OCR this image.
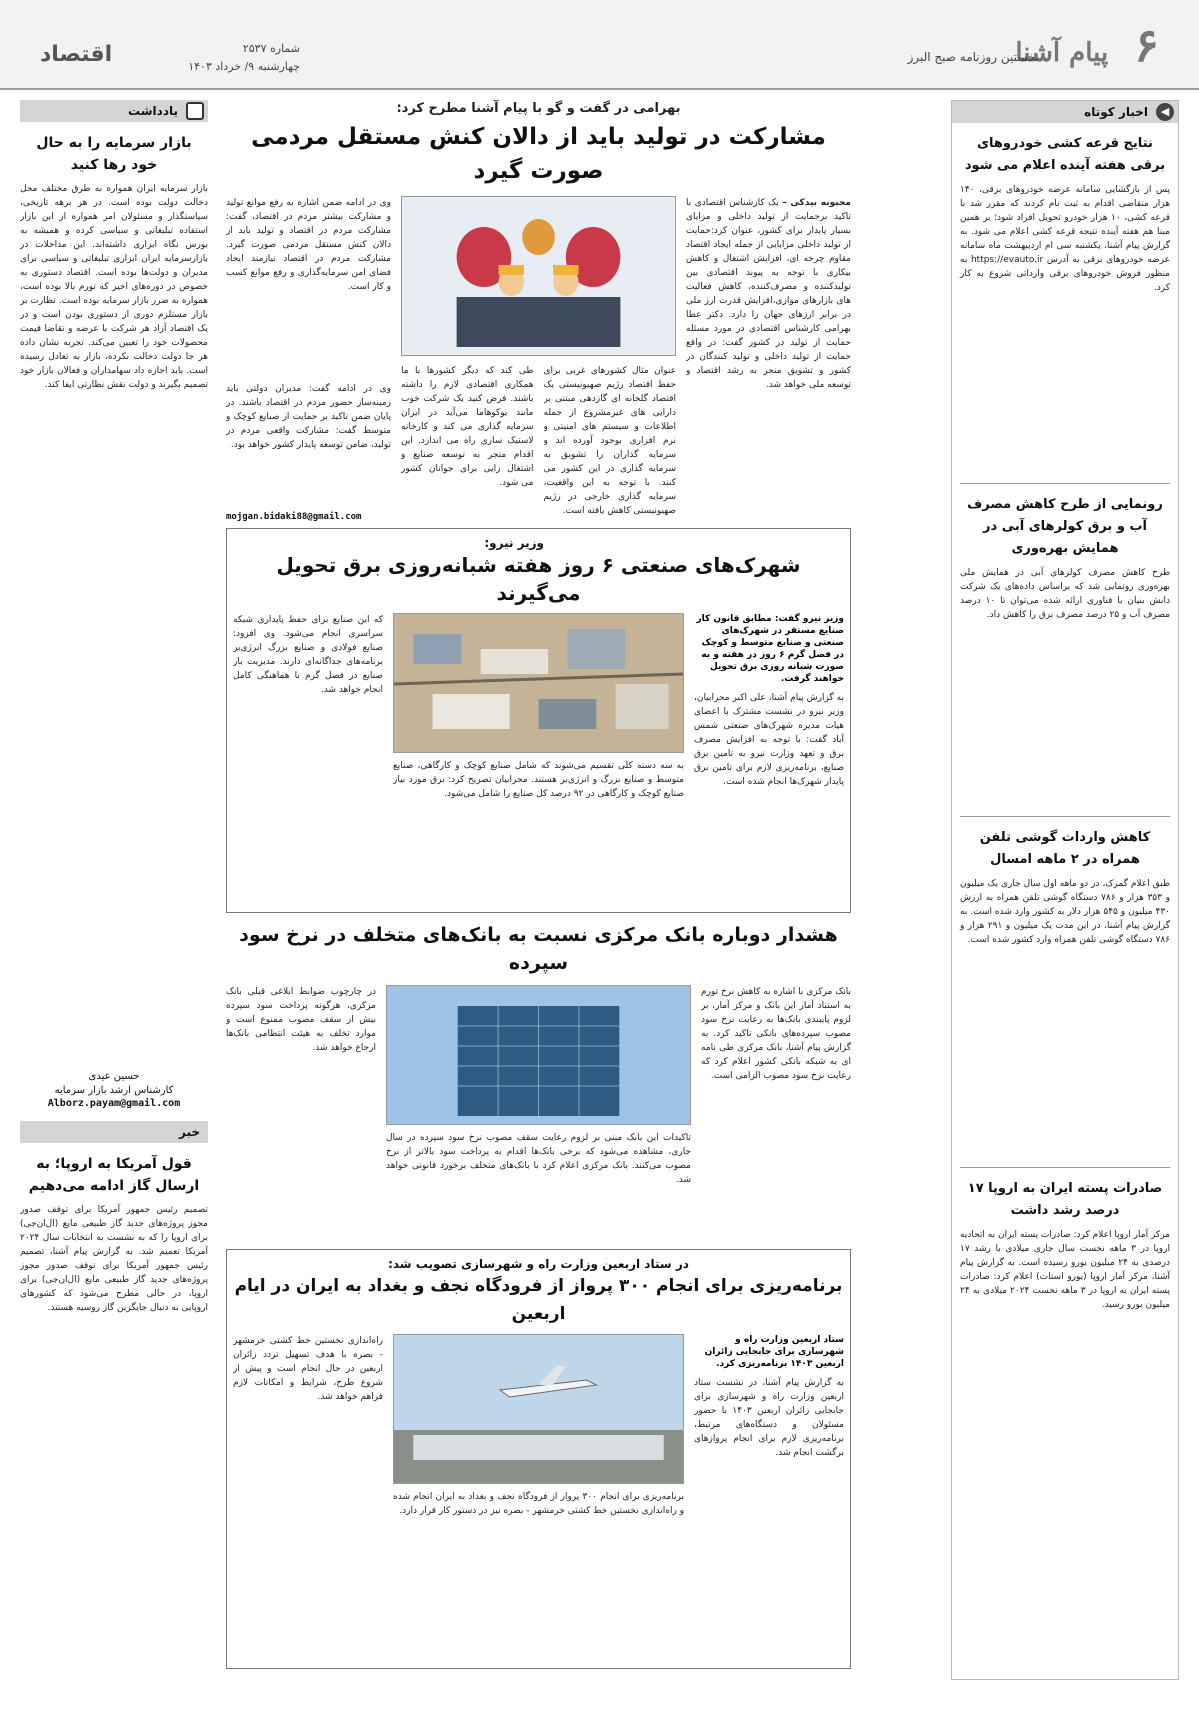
۶ پیام آشنا
نخستین روزنامه صبح البرز
شماره ۲۵۳۷
چهارشنبه ۹/ خرداد ۱۴۰۳
اقتصاد
◀
اخبار کوتاه
نتایج قرعه کشی خودروهای برقی هفته آینده اعلام می شود
پس از بازگشایی سامانه عرضه خودروهای برقی، ۱۴۰ هزار متقاضی اقدام به ثبت نام کردند که مقرر شد با قرعه کشی، ۱۰ هزار خودرو تحویل افراد شود؛ بر همین مبنا هم هفته آینده نتیجه قرعه کشی اعلام می شود. به گزارش پیام آشنا، یکشنبه سی ام اردیبهشت ماه سامانه عرضه خودروهای برقی به آدرس https://evauto.ir به منظور فروش خودروهای برقی وارداتی شروع به کار کرد.
رونمایی از طرح کاهش مصرف آب و برق کولرهای آبی در همایش بهره‌وری
طرح کاهش مصرف کولرهای آبی در همایش ملی بهره‌وری رونمایی شد که براساس داده‌های یک شرکت دانش بنیان با فناوری ارائه شده می‌توان تا ۱۰ درصد مصرف آب و ۲۵ درصد مصرف برق را کاهش داد.
کاهش واردات گوشی تلفن همراه در ۲ ماهه امسال
طبق اعلام گمرک، در دو ماهه اول سال جاری یک میلیون و ۳۵۳ هزار و ۷۸۶ دستگاه گوشی تلفن همراه به ارزش ۴۳۰ میلیون و ۵۴۵ هزار دلار به کشور وارد شده است. به گزارش پیام آشنا، در این مدت یک میلیون و ۲۹۱ هزار و ۷۸۶ دستگاه گوشی تلفن همراه وارد کشور شده است.
صادرات پسته ایران به اروپا ۱۷ درصد رشد داشت
مرکز آمار اروپا اعلام کرد: صادرات پسته ایران به اتحادیه اروپا در ۳ ماهه نخست سال جاری میلادی با رشد ۱۷ درصدی به ۲۴ میلیون یورو رسیده است. به گزارش پیام آشنا، مرکز آمار اروپا (یورو استات) اعلام کرد: صادرات پسته ایران به اروپا در ۳ ماهه نخست ۲۰۲۴ میلادی به ۲۴ میلیون یورو رسید.
یادداشت
بازار سرمایه را به حال خود رها کنید
بازار سرمایه ایران همواره به طرق مختلف محل دخالت دولت بوده است. در هر برهه تاریخی، سیاستگذار و مسئولان امر همواره از این بازار استفاده تبلیغاتی و سیاسی کرده و همیشه به بورس نگاه ابزاری داشته‌اند. این مداخلات در بازارسرمایه ایران ابزاری تبلیغاتی و سیاسی برای مدیران و دولت‌ها بوده است. اقتصاد دستوری به خصوص در دوره‌های اخیر که تورم بالا بوده است، همواره به ضرر بازار سرمایه بوده است. نظارت بر بازار مستلزم دوری از دستوری بودن است و در یک اقتصاد آزاد هر شرکت با عرضه و تقاضا قیمت محصولات خود را تعیین می‌کند. تجربه نشان داده هر جا دولت دخالت نکرده، بازار به تعادل رسیده است. باید اجازه داد سهامداران و فعالان بازار خود تصمیم بگیرند و دولت نقش نظارتی ایفا کند.
حسین عیدی
کارشناس ارشد بازار سرمایه
Alborz.payam@gmail.com
خبر
قول آمریکا به اروپا؛ به ارسال گاز ادامه می‌دهیم
تصمیم رئیس جمهور آمریکا برای توقف صدور مجوز پروژه‌های جدید گاز طبیعی مایع (ال‌ان‌جی) برای اروپا را که به نشست به انتخابات سال ۲۰۲۴ آمریکا تعمیم شد. به گزارش پیام آشنا، تصمیم رئیس جمهور آمریکا برای توقف صدور مجوز پروژه‌های جدید گاز طبیعی مایع (ال‌ان‌جی) برای اروپا، در حالی مطرح می‌شود که کشورهای اروپایی به دنبال جایگزین گاز روسیه هستند.
بهرامی در گفت و گو با پیام آشنا مطرح کرد:
مشارکت در تولید باید از دالان کنش مستقل مردمی صورت گیرد
محبوبه بیدکی – یک کارشناس اقتصادی با تاکید برحمایت از تولید داخلی و مزایای بسیار پایدار برای کشور، عنوان کرد:حمایت از تولید داخلی مزایایی از جمله ایجاد اقتصاد مقاوم چرخه ای، افزایش اشتغال و کاهش بیکاری با توجه به پیوند اقتصادی بین تولیدکننده و مصرف‌کننده، کاهش فعالیت های بازارهای موازی،افزایش قدرت ارز ملی در برابر ارزهای جهان را دارد. دکتر عطا بهرامی کارشناس اقتصادی در مورد مسئله حمایت از تولید در کشور گفت: در واقع حمایت از تولید داخلی و تولید کنندگان در کشور و تشویق منجر به رشد اقتصاد و توسعه ملی خواهد شد.
عنوان مثال کشورهای غربی برای حفظ اقتصاد رژیم صهیونیستی یک اقتصاد گلخانه ای گازدهی مبتنی بر دارایی های غیرمشروع از جمله اطلاعات و سیستم های امنیتی و نرم افزاری بوجود آورده اند و سرمایه گذاران را تشویق به سرمایه گذاری در این کشور می کنند. با توجه به این واقعیت، سرمایه گذاری خارجی در رژیم صهیونیستی کاهش یافته است.
طی کند که دیگر کشورها با ما همکاری اقتصادی لازم را داشته باشند. فرض کنید یک شرکت خوب مانند یوکوهاما می‌آید در ایران سرمایه گذاری می کند و کارخانه لاستیک سازی راه می اندازد. این اقدام منجر به توسعه صنایع و اشتغال زایی برای جوانان کشور می شود.
وی در ادامه ضمن اشاره به رفع موانع تولید و مشارکت بیشتر مردم در اقتصاد، گفت: مشارکت مردم در اقتصاد و تولید باید از دالان کنش مستقل مردمی صورت گیرد. مشارکت مردم در اقتصاد نیازمند ایجاد فضای امن سرمایه‌گذاری و رفع موانع کسب و کار است.
وی در ادامه گفت: مدیران دولتی باید زمینه‌ساز حضور مردم در اقتصاد باشند. در پایان ضمن تاکید بر حمایت از صنایع کوچک و متوسط گفت: مشارکت واقعی مردم در تولید، ضامن توسعه پایدار کشور خواهد بود.
mojgan.bidaki88@gmail.com
وزیر نیرو:
شهرک‌های صنعتی ۶ روز هفته شبانه‌روزی برق تحویل می‌گیرند
وزیر نیرو گفت: مطابق قانون کار صنایع مستقر در شهرک‌های صنعتی و صنایع متوسط و کوچک در فصل گرم ۶ روز در هفته و به صورت شبانه روزی برق تحویل خواهند گرفت.
به گزارش پیام آشنا، علی اکبر محرابیان، وزیر نیرو در نشست مشترک با اعضای هیات مدیره شهرک‌های صنعتی شمس آباد گفت: با توجه به افزایش مصرف برق و تعهد وزارت نیرو به تامین برق صنایع، برنامه‌ریزی لازم برای تامین برق پایدار شهرک‌ها انجام شده است.
به سه دسته کلی تقسیم می‌شوند که شامل صنایع کوچک و کارگاهی، صنایع متوسط و صنایع بزرگ و انرژی‌بر هستند. محرابیان تصریح کرد: برق مورد نیاز صنایع کوچک و کارگاهی در ۹۲ درصد کل صنایع را شامل می‌شود.
که این صنایع برای حفظ پایداری شبکه سراسری انجام می‌شود. وی افزود: صنایع فولادی و صنایع بزرگ انرژی‌بر برنامه‌های جداگانه‌ای دارند. مدیریت بار صنایع در فصل گرم با هماهنگی کامل انجام خواهد شد.
هشدار دوباره بانک مرکزی نسبت به بانک‌های متخلف در نرخ سود سپرده
بانک مرکزی با اشاره به کاهش نرخ تورم به استناد آمار این بانک و مرکز آمار، بر لزوم پایبندی بانک‌ها به رعایت نرخ سود مصوب سپرده‌های بانکی تاکید کرد. به گزارش پیام آشنا، بانک مرکزی طی نامه ای به شبکه بانکی کشور اعلام کرد که رعایت نرخ سود مصوب الزامی است.
تاکیدات این بانک مبنی بر لزوم رعایت سقف مصوب نرخ سود سپرده در سال جاری، مشاهده می‌شود که برخی بانک‌ها اقدام به پرداخت سود بالاتر از نرخ مصوب می‌کنند. بانک مرکزی اعلام کرد با بانک‌های متخلف برخورد قانونی خواهد شد.
در چارچوب ضوابط ابلاغی قبلی بانک مرکزی، هرگونه پرداخت سود سپرده بیش از سقف مصوب ممنوع است و موارد تخلف به هیئت انتظامی بانک‌ها ارجاع خواهد شد.
در ستاد اربعین وزارت راه و شهرسازی تصویب شد:
برنامه‌ریزی برای انجام ۳۰۰ پرواز از فرودگاه نجف و بغداد به ایران در ایام اربعین
ستاد اربعین وزارت راه و شهرسازی برای جابجایی زائران اربعین ۱۴۰۳ برنامه‌ریزی کرد.
به گزارش پیام آشنا، در نشست ستاد اربعین وزارت راه و شهرسازی برای جابجایی زائران اربعین ۱۴۰۳ با حضور مسئولان و دستگاه‌های مرتبط، برنامه‌ریزی لازم برای انجام پروازهای برگشت انجام شد.
برنامه‌ریزی برای انجام ۳۰۰ پرواز از فرودگاه نجف و بغداد به ایران انجام شده و راه‌اندازی نخستین خط کشتی خرمشهر - بصره نیز در دستور کار قرار دارد.
راه‌اندازی نخستین خط کشتی خرمشهر - بصره با هدف تسهیل تردد زائران اربعین در حال انجام است و پیش از شروع طرح، شرایط و امکانات لازم فراهم خواهد شد.
